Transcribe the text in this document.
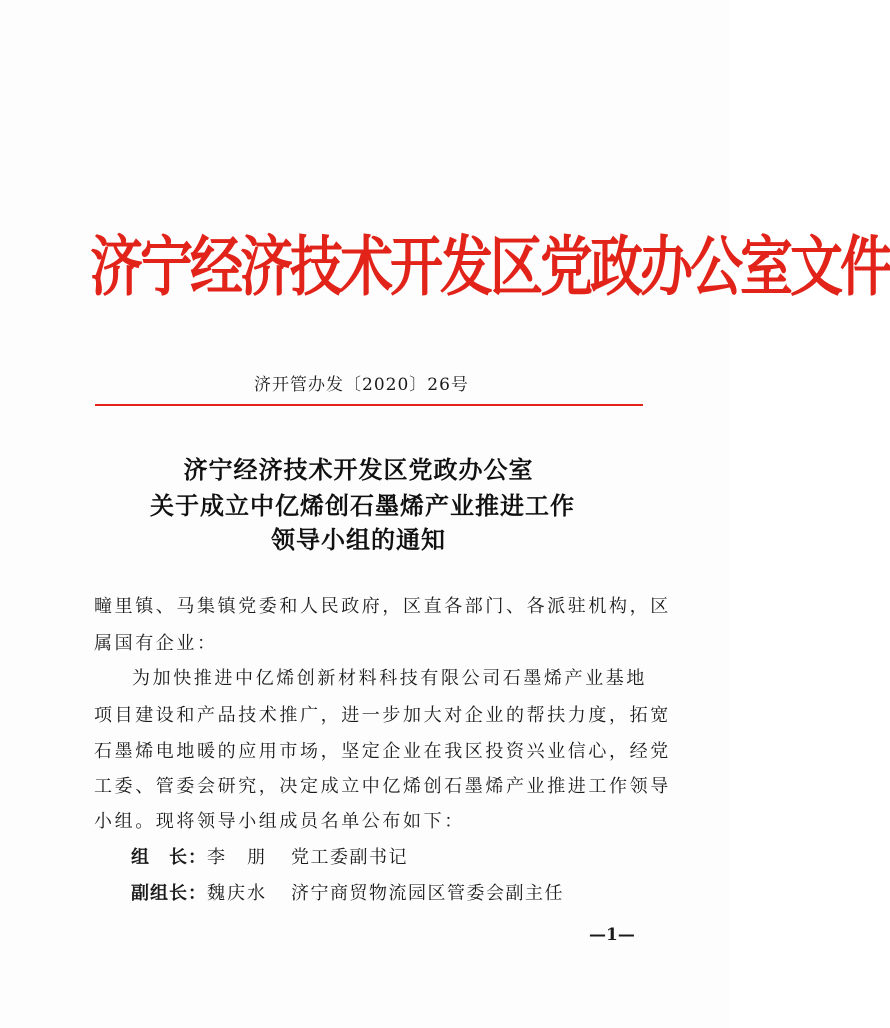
济宁经济技术开发区党政办公室文件
济开管办发〔2020〕26号
济宁经济技术开发区党政办公室
关于成立中亿烯创石墨烯产业推进工作
领导小组的通知
疃里镇、马集镇党委和人民政府，区直各部门、各派驻机构，区
属国有企业：
为加快推进中亿烯创新材料科技有限公司石墨烯产业基地
项目建设和产品技术推广，进一步加大对企业的帮扶力度，拓宽
石墨烯电地暖的应用市场，坚定企业在我区投资兴业信心，经党
工委、管委会研究，决定成立中亿烯创石墨烯产业推进工作领导
小组。现将领导小组成员名单公布如下：
组　长：李　朋 党工委副书记
副组长：魏庆水 济宁商贸物流园区管委会副主任
—1—
